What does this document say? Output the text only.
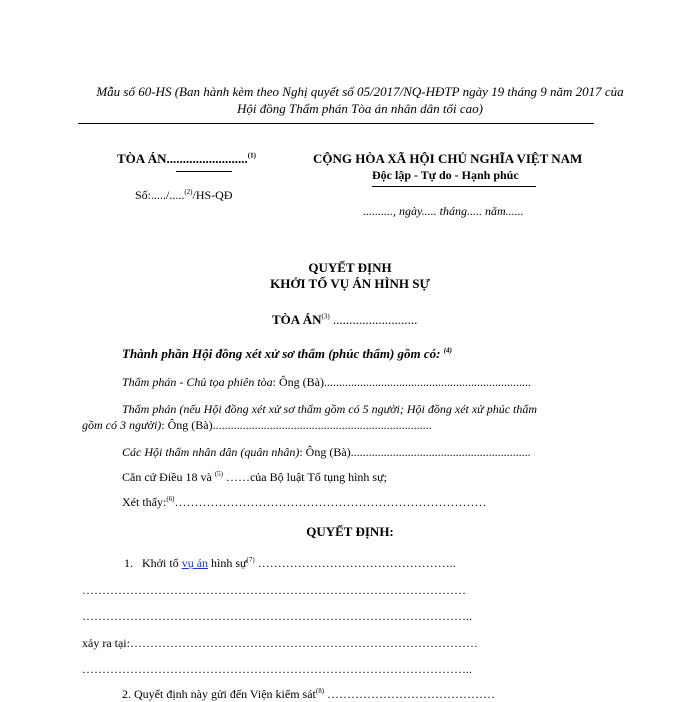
Mẫu số 60-HS (Ban hành kèm theo Nghị quyết số 05/2017/NQ-HĐTP ngày 19 tháng 9 năm 2017 của
Hội đồng Thẩm phán Tòa án nhân dân tối cao)
TÒA ÁN.........................$^{(1)}$
Số:...../.....$^{(2)}$/HS-QĐ
CỘNG HÒA XÃ HỘI CHỦ NGHĨA VIỆT NAM
Độc lập - Tự do - Hạnh phúc
.........., ngày..... tháng..... năm......
QUYẾT ĐỊNH
KHỞI TỐ VỤ ÁN HÌNH SỰ
TÒA ÁN$^{(3)}$ ..........................
Thành phần Hội đồng xét xử sơ thẩm (phúc thẩm) gồm có: $^{(4)}$
Thẩm phán - Chủ tọa phiên tòa: Ông (Bà).....................................................................
Thẩm phán (nếu Hội đồng xét xử sơ thẩm gồm có 5 người; Hội đồng xét xử phúc thẩm
gồm có 3 người): Ông (Bà).........................................................................
Các Hội thẩm nhân dân (quân nhân): Ông (Bà)............................................................
Căn cứ Điều 18 và $^{(5)}$ ……của Bộ luật Tố tụng hình sự;
Xét thấy:$^{(6)}$……………………………………………………………………
QUYẾT ĐỊNH:
1. Khởi tố vụ án hình sự$^{(7)}$ …………………………………………..
……………………………………………………………………………………
……………………………………………………………………………………..
xảy ra tại:……………………………………………………………………………
……………………………………………………………………………………..
2. Quyết định này gửi đến Viện kiểm sát$^{(8)}$ ……………………………………
